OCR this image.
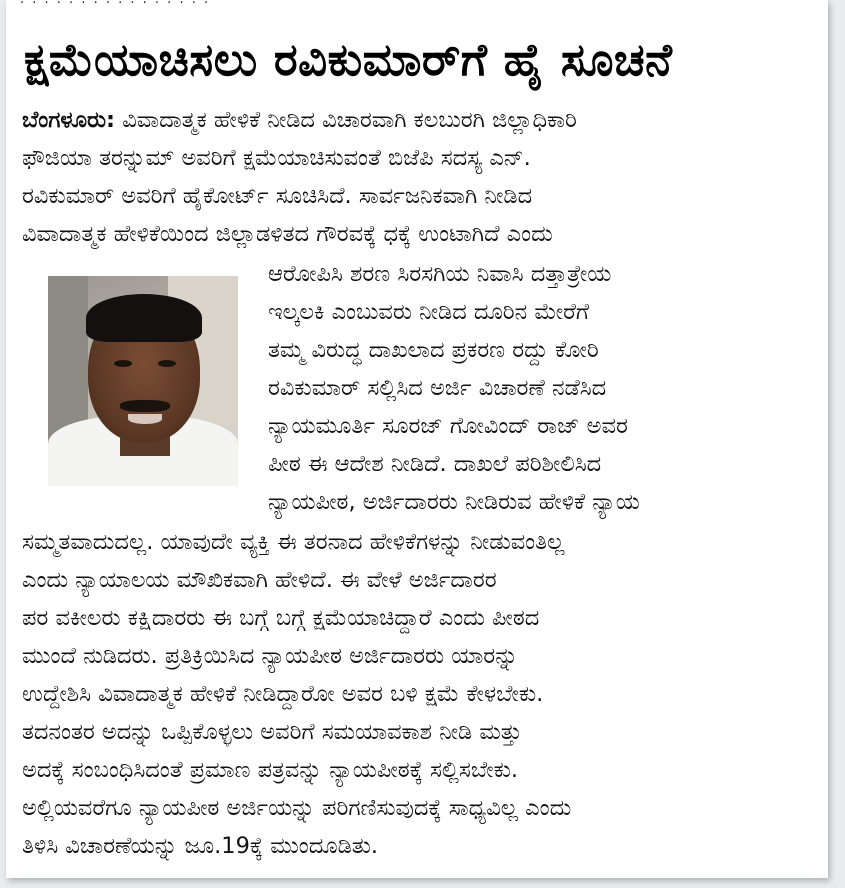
· · · · · · · · · · · · · · · ·
ಕ್ಷಮೆಯಾಚಿಸಲು ರವಿಕುಮಾರ್‌ಗೆ ಹೈ ಸೂಚನೆ
ಬೆಂಗಳೂರು: ವಿವಾದಾತ್ಮಕ ಹೇಳಿಕೆ ನೀಡಿದ ವಿಚಾರವಾಗಿ ಕಲಬುರಗಿ ಜಿಲ್ಲಾಧಿಕಾರಿ
ಫೌಜಿಯಾ ತರನ್ನುಮ್ ಅವರಿಗೆ ಕ್ಷಮೆಯಾಚಿಸುವಂತೆ ಬಿಜೆಪಿ ಸದಸ್ಯ ಎನ್.
ರವಿಕುಮಾರ್ ಅವರಿಗೆ ಹೈಕೋರ್ಟ್ ಸೂಚಿಸಿದೆ. ಸಾರ್ವಜನಿಕವಾಗಿ ನೀಡಿದ
ವಿವಾದಾತ್ಮಕ ಹೇಳಿಕೆಯಿಂದ ಜಿಲ್ಲಾಡಳಿತದ ಗೌರವಕ್ಕೆ ಧಕ್ಕೆ ಉಂಟಾಗಿದೆ ಎಂದು
ಆರೋಪಿಸಿ ಶರಣ ಸಿರಸಗಿಯ ನಿವಾಸಿ ದತ್ತಾತ್ರೇಯ
ಇಲ್ಕಲಕಿ ಎಂಬುವರು ನೀಡಿದ ದೂರಿನ ಮೇರೆಗೆ
ತಮ್ಮ ವಿರುದ್ಧ ದಾಖಲಾದ ಪ್ರಕರಣ ರದ್ದು ಕೋರಿ
ರವಿಕುಮಾರ್ ಸಲ್ಲಿಸಿದ ಅರ್ಜಿ ವಿಚಾರಣೆ ನಡೆಸಿದ
ನ್ಯಾಯಮೂರ್ತಿ ಸೂರಜ್ ಗೋವಿಂದ್ ರಾಜ್ ಅವರ
ಪೀಠ ಈ ಆದೇಶ ನೀಡಿದೆ. ದಾಖಲೆ ಪರಿಶೀಲಿಸಿದ
ನ್ಯಾಯಪೀಠ, ಅರ್ಜಿದಾರರು ನೀಡಿರುವ ಹೇಳಿಕೆ ನ್ಯಾಯ
ಸಮ್ಮತವಾದುದಲ್ಲ. ಯಾವುದೇ ವ್ಯಕ್ತಿ ಈ ತರನಾದ ಹೇಳಿಕೆಗಳನ್ನು ನೀಡುವಂತಿಲ್ಲ
ಎಂದು ನ್ಯಾಯಾಲಯ ಮೌಖಿಕವಾಗಿ ಹೇಳಿದೆ. ಈ ವೇಳೆ ಅರ್ಜಿದಾರರ
ಪರ ವಕೀಲರು ಕಕ್ಷಿದಾರರು ಈ ಬಗ್ಗೆ ಬಗ್ಗೆ ಕ್ಷಮೆಯಾಚಿದ್ದಾರೆ ಎಂದು ಪೀಠದ
ಮುಂದೆ ನುಡಿದರು. ಪ್ರತಿಕ್ರಿಯಿಸಿದ ನ್ಯಾಯಪೀಠ ಅರ್ಜಿದಾರರು ಯಾರನ್ನು
ಉದ್ದೇಶಿಸಿ ವಿವಾದಾತ್ಮಕ ಹೇಳಿಕೆ ನೀಡಿದ್ದಾರೋ ಅವರ ಬಳಿ ಕ್ಷಮೆ ಕೇಳಬೇಕು.
ತದನಂತರ ಅದನ್ನು ಒಪ್ಪಿಕೊಳ್ಳಲು ಅವರಿಗೆ ಸಮಯಾವಕಾಶ ನೀಡಿ ಮತ್ತು
ಅದಕ್ಕೆ ಸಂಬಂಧಿಸಿದಂತೆ ಪ್ರಮಾಣ ಪತ್ರವನ್ನು ನ್ಯಾಯಪೀಠಕ್ಕೆ ಸಲ್ಲಿಸಬೇಕು.
ಅಲ್ಲಿಯವರೆಗೂ ನ್ಯಾಯಪೀಠ ಅರ್ಜಿಯನ್ನು ಪರಿಗಣಿಸುವುದಕ್ಕೆ ಸಾಧ್ಯವಿಲ್ಲ ಎಂದು
ತಿಳಿಸಿ ವಿಚಾರಣೆಯನ್ನು ಜೂ.19ಕ್ಕೆ ಮುಂದೂಡಿತು.
